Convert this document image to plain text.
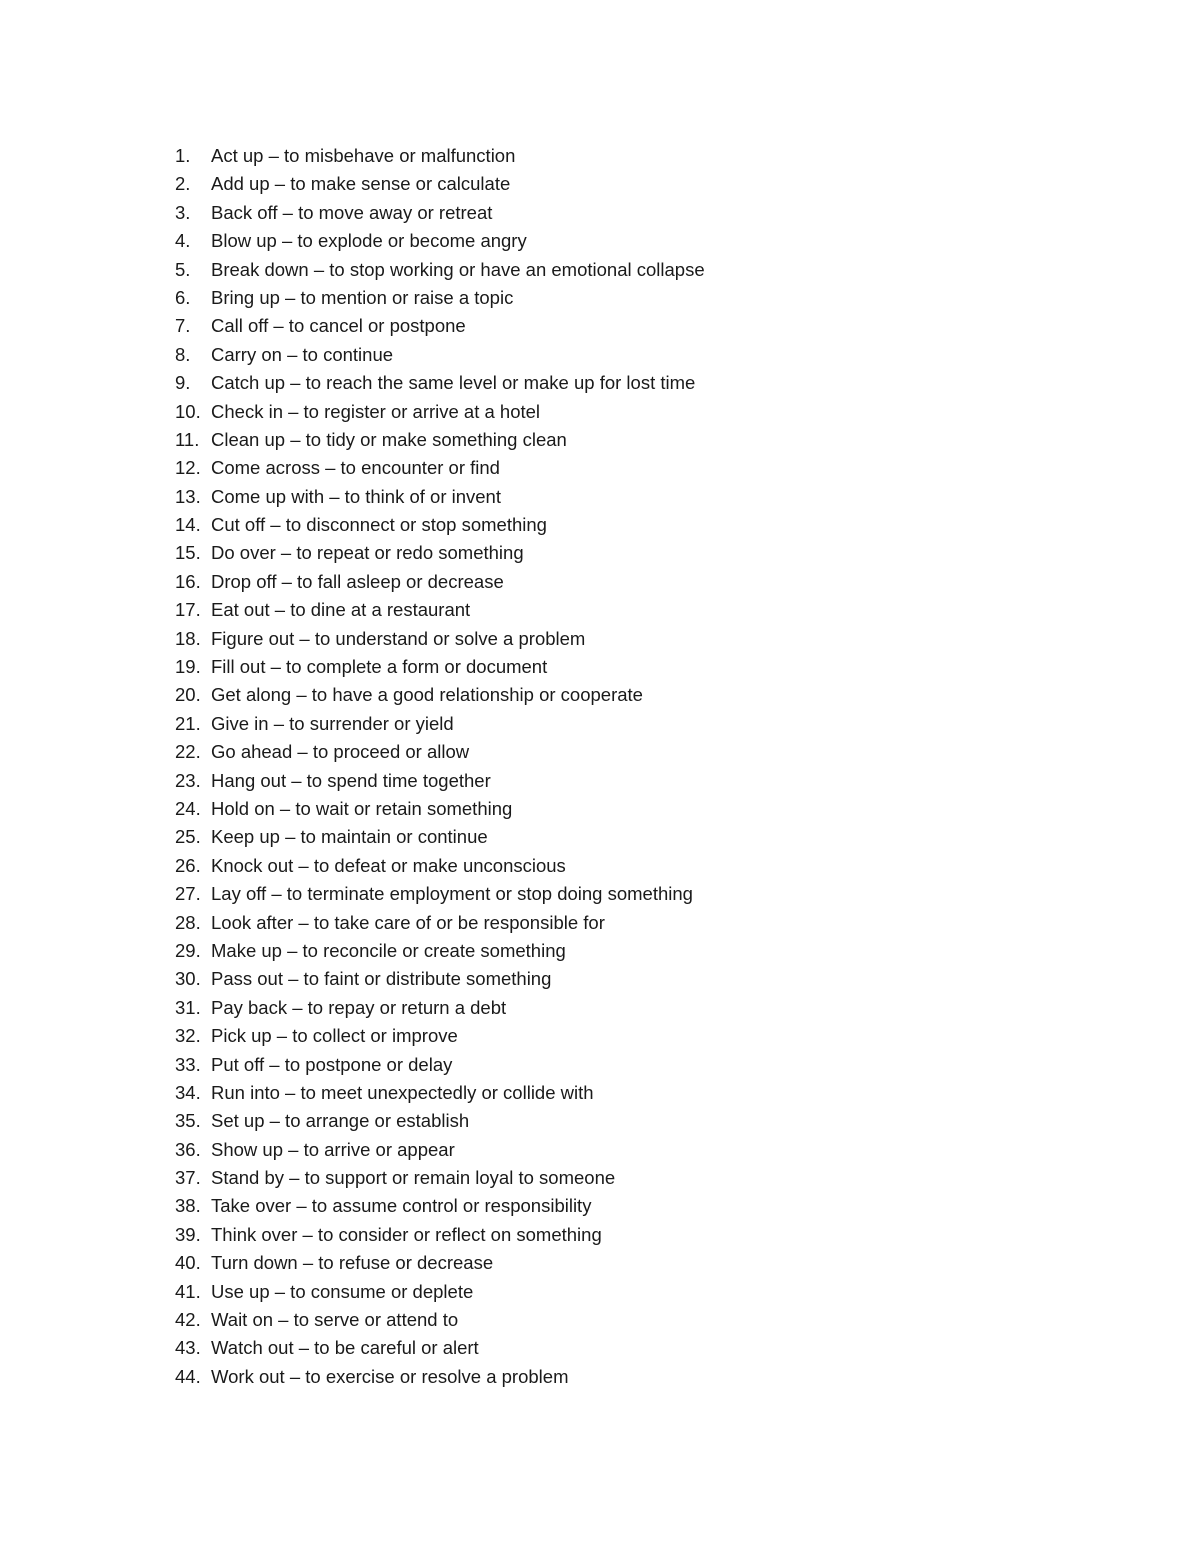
1.	Act up – to misbehave or malfunction
2.	Add up – to make sense or calculate
3.	Back off – to move away or retreat
4.	Blow up – to explode or become angry
5.	Break down – to stop working or have an emotional collapse
6.	Bring up – to mention or raise a topic
7.	Call off – to cancel or postpone
8.	Carry on – to continue
9.	Catch up – to reach the same level or make up for lost time
10. Check in – to register or arrive at a hotel
11. Clean up – to tidy or make something clean
12. Come across – to encounter or find
13. Come up with – to think of or invent
14. Cut off – to disconnect or stop something
15. Do over – to repeat or redo something
16. Drop off – to fall asleep or decrease
17. Eat out – to dine at a restaurant
18. Figure out – to understand or solve a problem
19. Fill out – to complete a form or document
20. Get along – to have a good relationship or cooperate
21. Give in – to surrender or yield
22. Go ahead – to proceed or allow
23. Hang out – to spend time together
24. Hold on – to wait or retain something
25. Keep up – to maintain or continue
26. Knock out – to defeat or make unconscious
27. Lay off – to terminate employment or stop doing something
28. Look after – to take care of or be responsible for
29. Make up – to reconcile or create something
30. Pass out – to faint or distribute something
31. Pay back – to repay or return a debt
32. Pick up – to collect or improve
33. Put off – to postpone or delay
34. Run into – to meet unexpectedly or collide with
35. Set up – to arrange or establish
36. Show up – to arrive or appear
37. Stand by – to support or remain loyal to someone
38. Take over – to assume control or responsibility
39. Think over – to consider or reflect on something
40. Turn down – to refuse or decrease
41. Use up – to consume or deplete
42. Wait on – to serve or attend to
43. Watch out – to be careful or alert
44. Work out – to exercise or resolve a problem
